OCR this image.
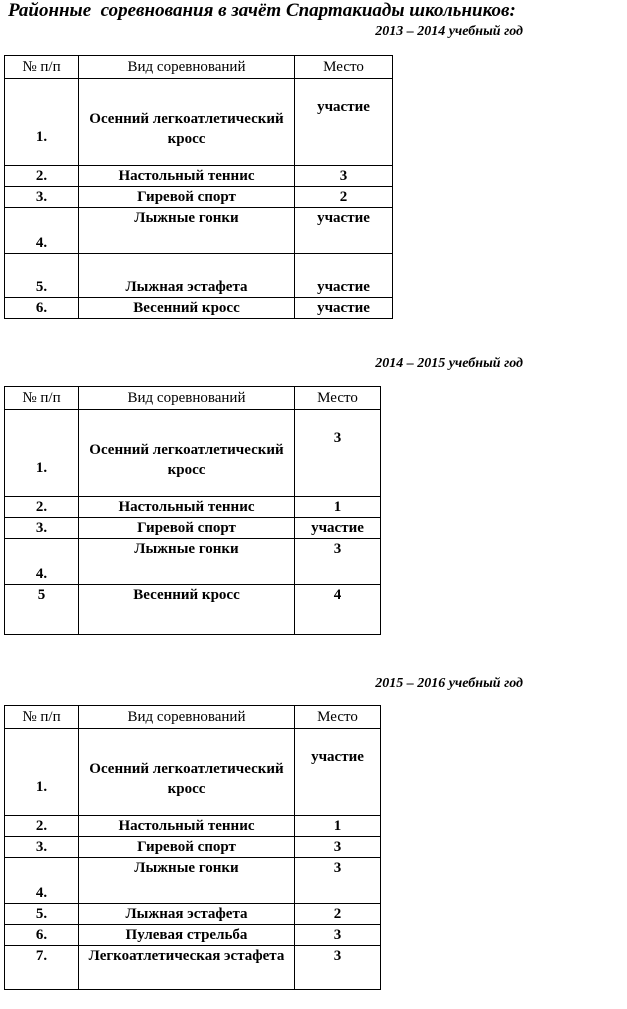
Районные  соревнования в зачёт Спартакиады школьников:
2013 – 2014 учебный год
№ п/п	Вид соревнований	Место
1.	Осенний легкоатлетический кросс	участие
2.	Настольный теннис	3
3.	Гиревой спорт	2
4.	Лыжные гонки	участие
5.	Лыжная эстафета	участие
6.	Весенний кросс	участие
2014 – 2015 учебный год
№ п/п	Вид соревнований	Место
1.	Осенний легкоатлетический кросс	3
2.	Настольный теннис	1
3.	Гиревой спорт	участие
4.	Лыжные гонки	3
5	Весенний кросс	4
2015 – 2016 учебный год
№ п/п	Вид соревнований	Место
1.	Осенний легкоатлетический кросс	участие
2.	Настольный теннис	1
3.	Гиревой спорт	3
4.	Лыжные гонки	3
5.	Лыжная эстафета	2
6.	Пулевая стрельба	3
7.	Легкоатлетическая эстафета	3
